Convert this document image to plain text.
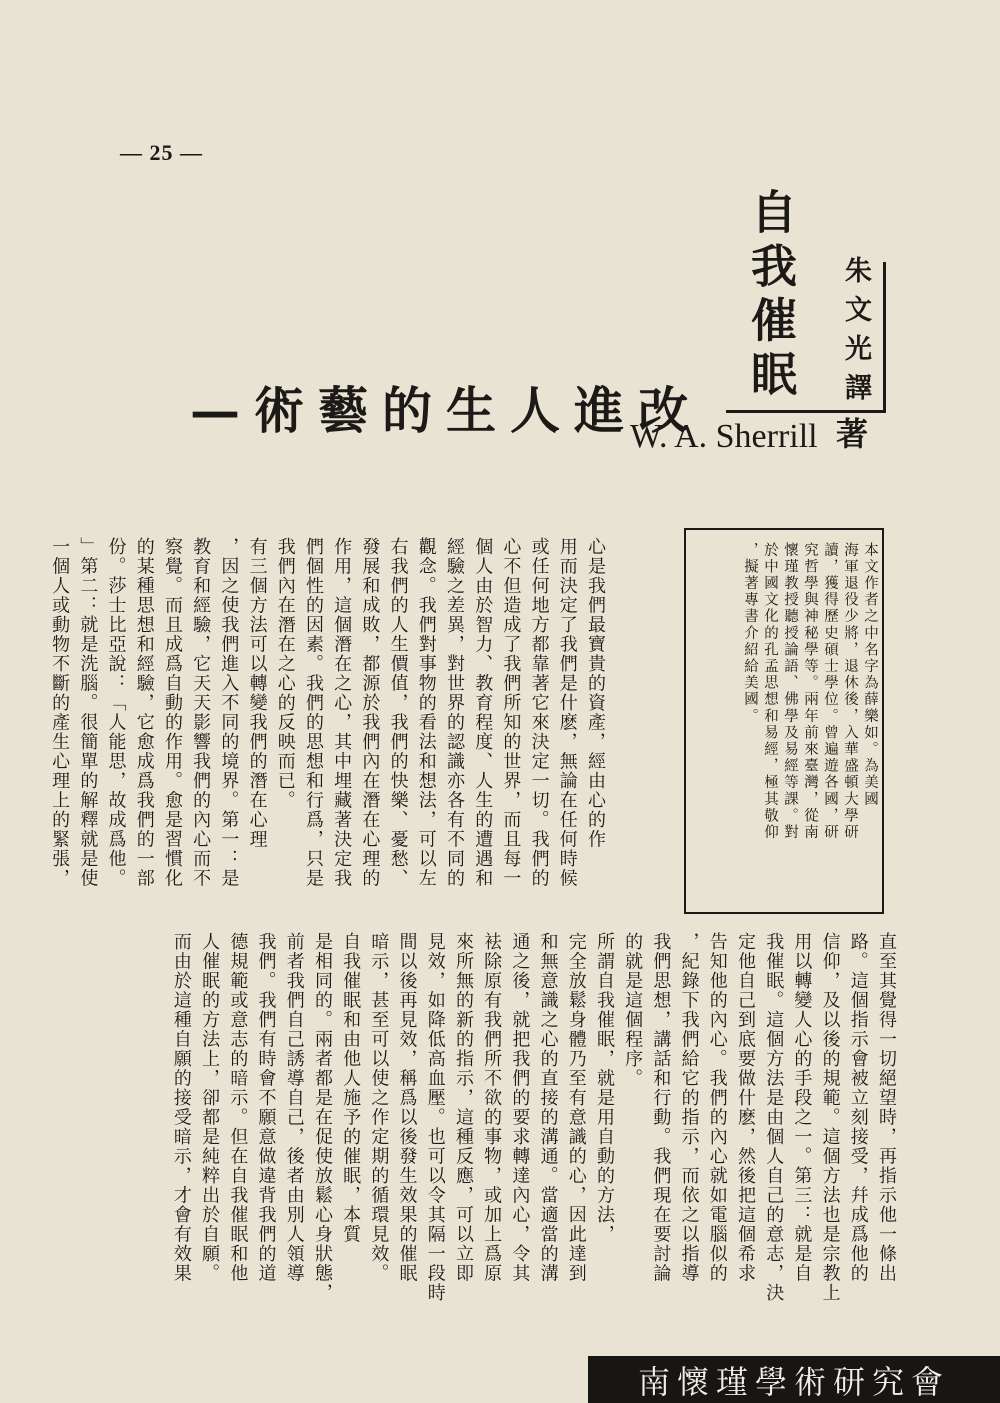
— 25 —
自我催眠 朱文光譯
改進人生的藝術—
W. A. Sherrill 著
本文作者之中名字為薛樂如。為美國
海軍退役少將，退休後，入華盛頓大學研
讀，獲得歷史碩士學位。曾遍遊各國，研
究哲學與神秘學等。兩年前來臺灣，從南
懷瑾教授聽授論語、佛學及易經等課。對
於中國文化的孔孟思想和易經，極其敬仰
，擬著專書介紹給美國。
心是我們最寶貴的資產，經由心的作
用而決定了我們是什麽，無論在任何時候
或任何地方都靠著它來決定一切。我們的
心不但造成了我們所知的世界，而且每一
個人由於智力、教育程度、人生的遭遇和
經驗之差異，對世界的認識亦各有不同的
觀念。我們對事物的看法和想法，可以左
右我們的人生價值，我們的快樂、憂愁、
發展和成敗，都源於我們內在潛在心理的
作用，這個潛在之心，其中埋藏著決定我
們個性的因素。我們的思想和行爲，只是
我們內在潛在之心的反映而已。
有三個方法可以轉變我們的潛在心理
，因之使我們進入不同的境界。第一：是
教育和經驗，它天天影響我們的內心而不
察覺。而且成爲自動的作用。愈是習慣化
的某種思想和經驗，它愈成爲我們的一部
份。莎士比亞說：「人能思，故成爲他。
」第二：就是洗腦。很簡單的解釋就是使
一個人或動物不斷的產生心理上的緊張，
直至其覺得一切絕望時，再指示他一條出
路。這個指示會被立刻接受，幷成爲他的
信仰，及以後的規範。這個方法也是宗教上
用以轉變人心的手段之一。第三：就是自
我催眠。這個方法是由個人自己的意志，決
定他自己到底要做什麽，然後把這個希求
告知他的內心。我們的內心就如電腦似的
，紀錄下我們給它的指示，而依之以指導
我們思想，講話和行動。我們現在要討論
的就是這個程序。
所謂自我催眠，就是用自動的方法，
完全放鬆身體乃至有意識的心，因此達到
和無意識之心的直接的溝通。當適當的溝
通之後，就把我們的要求轉達內心，令其
袪除原有我們所不欲的事物，或加上爲原
來所無的新的指示，這種反應，可以立即
見效，如降低高血壓。也可以令其隔一段時
間以後再見效，稱爲以後發生效果的催眠
暗示，甚至可以使之作定期的循環見效。
自我催眠和由他人施予的催眠，本質
是相同的。兩者都是在促使放鬆心身狀態，
前者我們自己誘導自己，後者由別人領導
我們。我們有時會不願意做違背我們的道
德規範或意志的暗示。但在自我催眠和他
人催眠的方法上，卻都是純粹出於自願。
而由於這種自願的接受暗示，才會有效果
南懷瑾學術研究會
